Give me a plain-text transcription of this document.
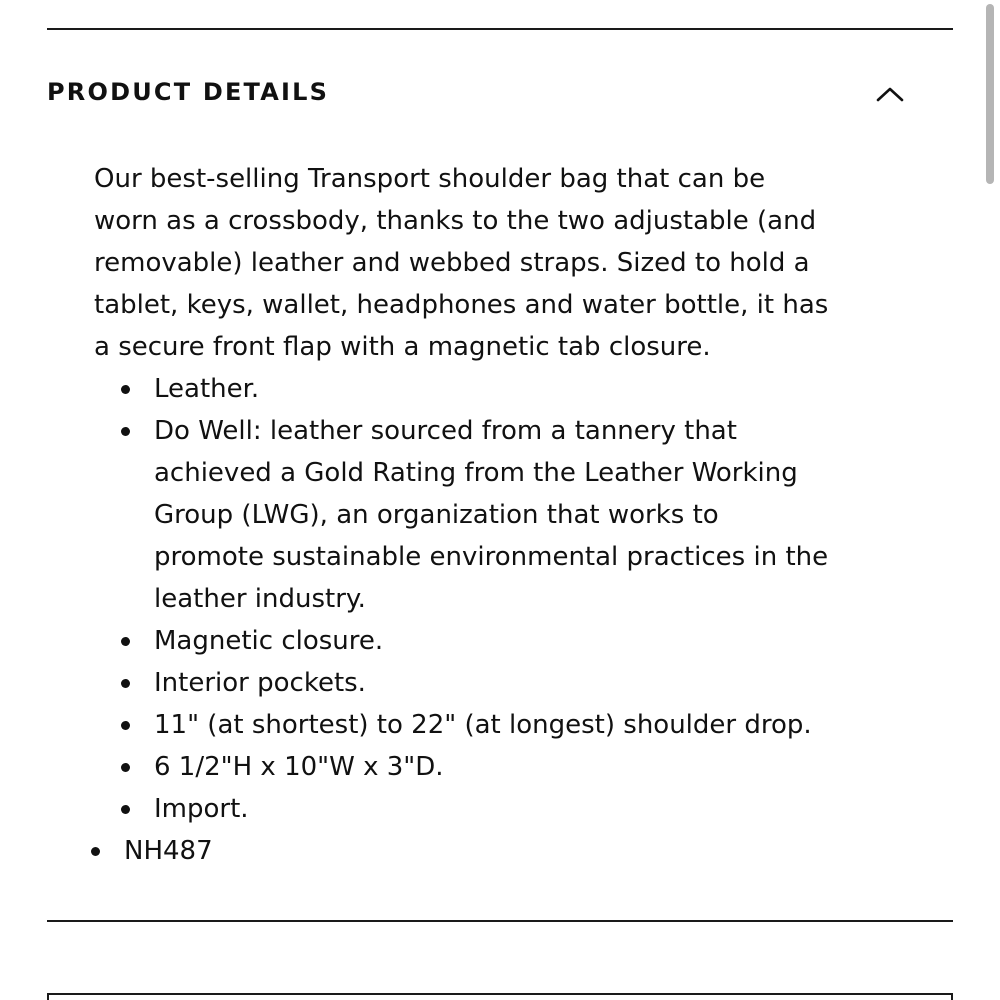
PRODUCT DETAILS

Our best-selling Transport shoulder bag that can be
worn as a crossbody, thanks to the two adjustable (and
removable) leather and webbed straps. Sized to hold a
tablet, keys, wallet, headphones and water bottle, it has
a secure front flap with a magnetic tab closure.

Leather.
Do Well: leather sourced from a tannery that
achieved a Gold Rating from the Leather Working
Group (LWG), an organization that works to
promote sustainable environmental practices in the
leather industry.
Magnetic closure.
Interior pockets.
11" (at shortest) to 22" (at longest) shoulder drop.
6 1/2"H x 10"W x 3"D.
Import.
NH487
